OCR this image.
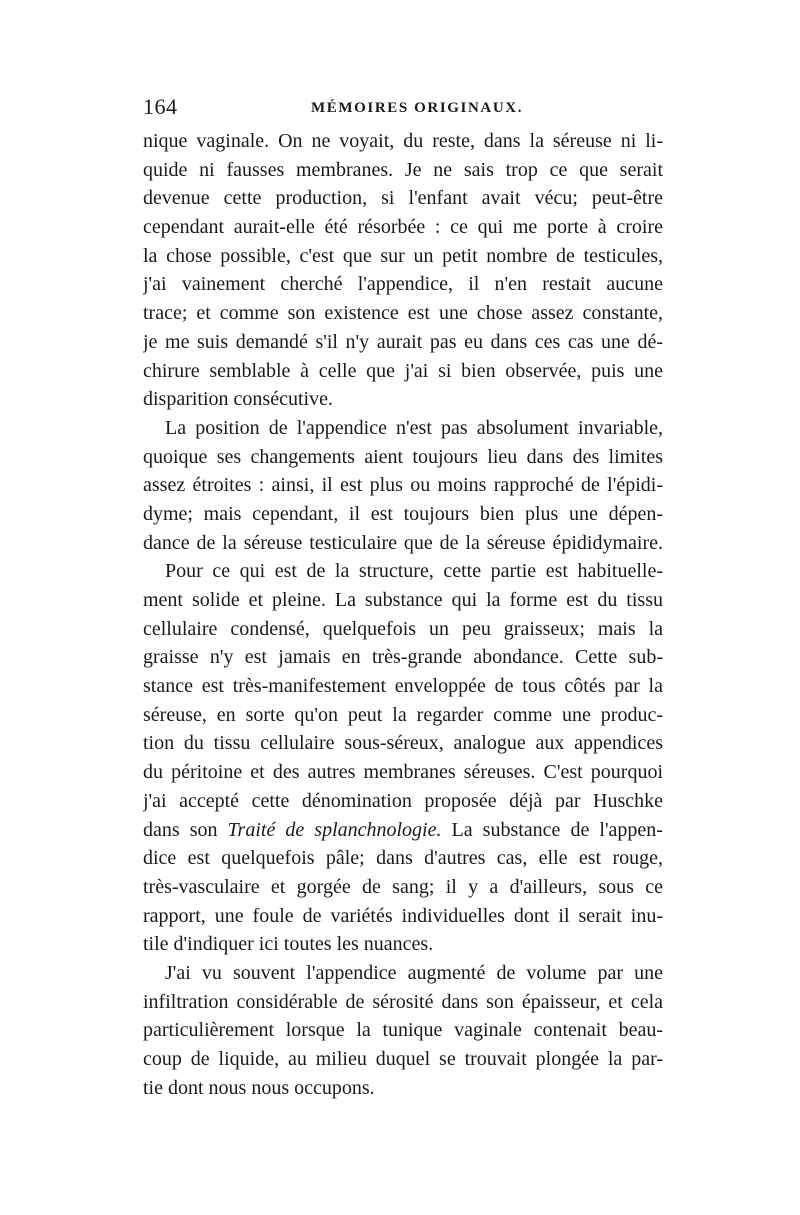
164	MÉMOIRES ORIGINAUX.
nique vaginale. On ne voyait, du reste, dans la séreuse ni li-
quide ni fausses membranes. Je ne sais trop ce que serait
devenue cette production, si l'enfant avait vécu; peut-être
cependant aurait-elle été résorbée : ce qui me porte à croire
la chose possible, c'est que sur un petit nombre de testicules,
j'ai vainement cherché l'appendice, il n'en restait aucune
trace; et comme son existence est une chose assez constante,
je me suis demandé s'il n'y aurait pas eu dans ces cas une dé-
chirure semblable à celle que j'ai si bien observée, puis une
disparition consécutive.
La position de l'appendice n'est pas absolument invariable,
quoique ses changements aient toujours lieu dans des limites
assez étroites : ainsi, il est plus ou moins rapproché de l'épidi-
dyme; mais cependant, il est toujours bien plus une dépen-
dance de la séreuse testiculaire que de la séreuse épididymaire.
Pour ce qui est de la structure, cette partie est habituelle-
ment solide et pleine. La substance qui la forme est du tissu
cellulaire condensé, quelquefois un peu graisseux; mais la
graisse n'y est jamais en très-grande abondance. Cette sub-
stance est très-manifestement enveloppée de tous côtés par la
séreuse, en sorte qu'on peut la regarder comme une produc-
tion du tissu cellulaire sous-séreux, analogue aux appendices
du péritoine et des autres membranes séreuses. C'est pourquoi
j'ai accepté cette dénomination proposée déjà par Huschke
dans son Traité de splanchnologie. La substance de l'appen-
dice est quelquefois pâle; dans d'autres cas, elle est rouge,
très-vasculaire et gorgée de sang; il y a d'ailleurs, sous ce
rapport, une foule de variétés individuelles dont il serait inu-
tile d'indiquer ici toutes les nuances.
J'ai vu souvent l'appendice augmenté de volume par une
infiltration considérable de sérosité dans son épaisseur, et cela
particulièrement lorsque la tunique vaginale contenait beau-
coup de liquide, au milieu duquel se trouvait plongée la par-
tie dont nous nous occupons.
